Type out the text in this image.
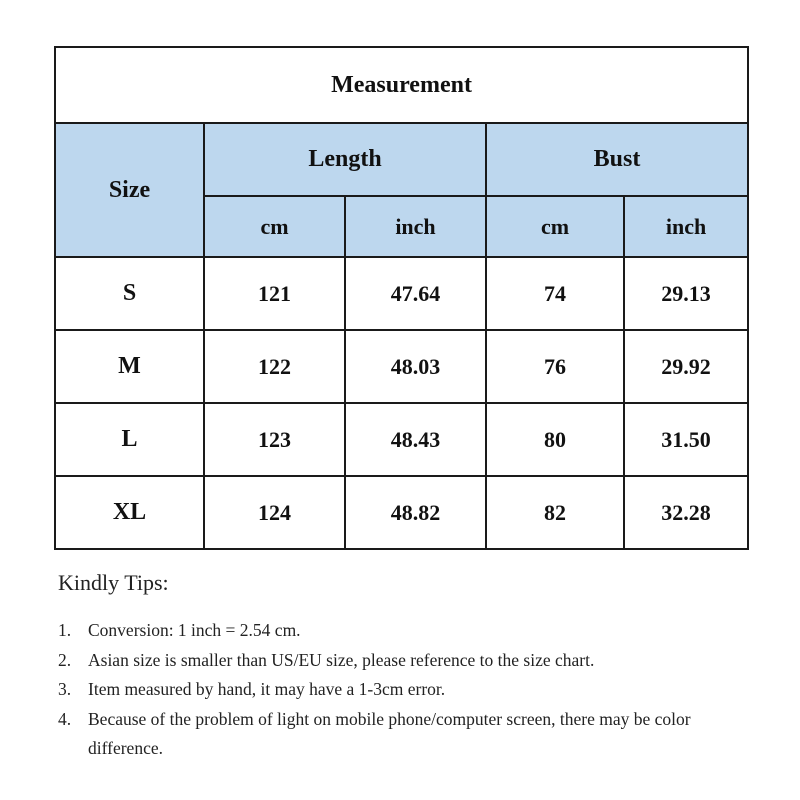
Measurement				
Size	Length		Bust	
	cm	inch	cm	inch
S	121	47.64	74	29.13
M	122	48.03	76	29.92
L	123	48.43	80	31.50
XL	124	48.82	82	32.28

Kindly Tips:

1. Conversion: 1 inch = 2.54 cm.
2. Asian size is smaller than US/EU size, please reference to the size chart.
3. Item measured by hand, it may have a 1-3cm error.
4. Because of the problem of light on mobile phone/computer screen, there may be color difference.
